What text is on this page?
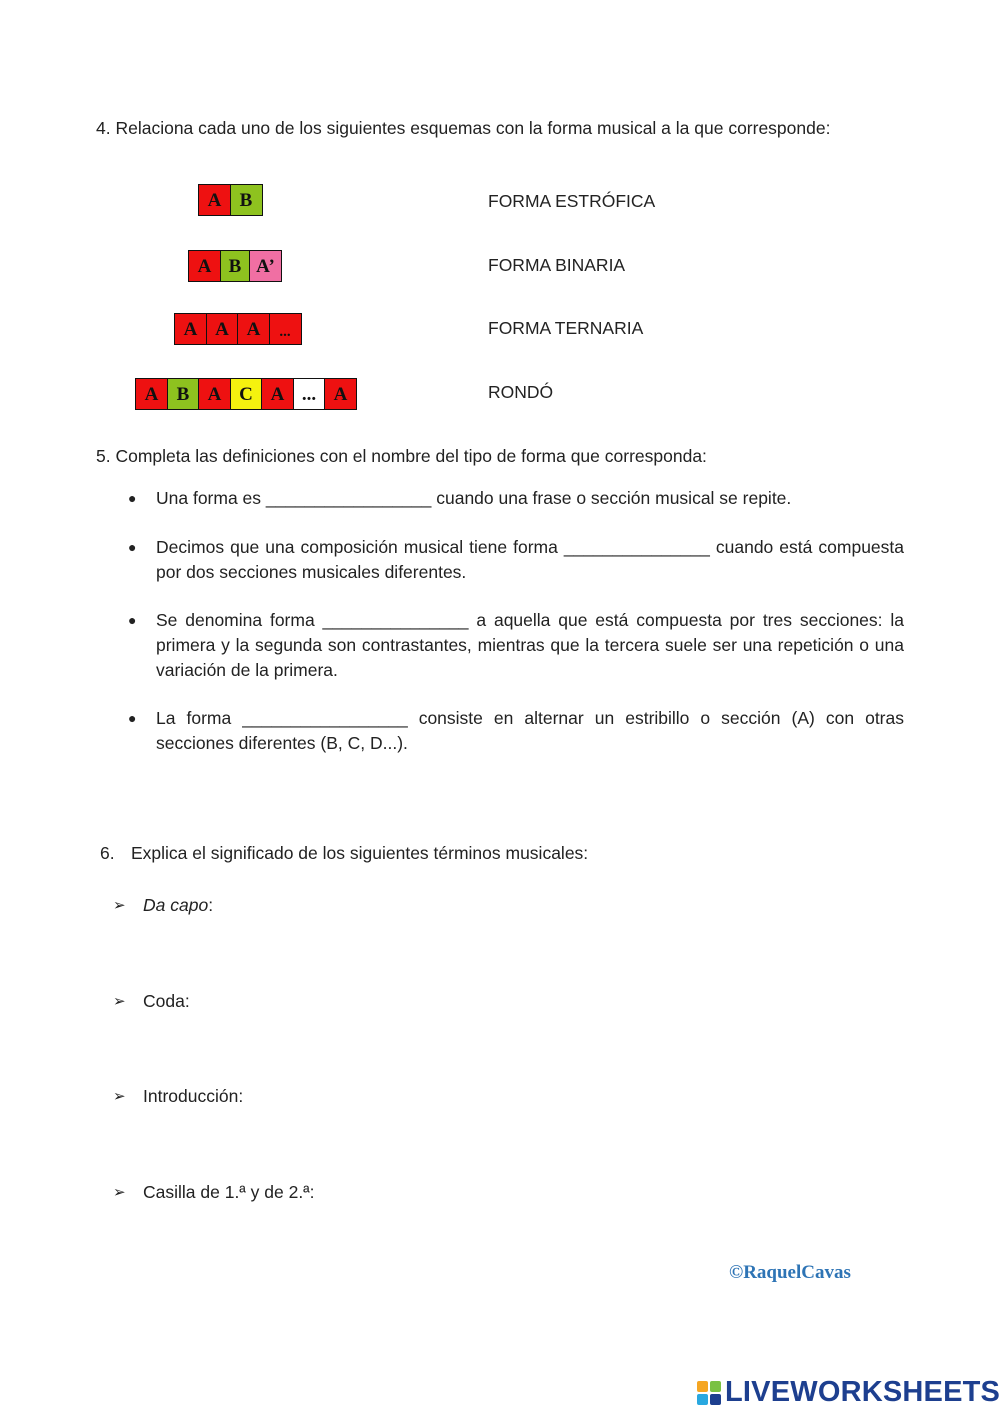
4. Relaciona cada uno de los siguientes esquemas con la forma musical a la que corresponde:
A B
A B A’
A A A	...
A B A C A ... A
FORMA ESTRÓFICA
FORMA BINARIA
FORMA TERNARIA
RONDÓ
5. Completa las definiciones con el nombre del tipo de forma que corresponda:
● Una forma es _________________ cuando una frase o sección musical se repite.
● Decimos que una composición musical tiene forma _______________ cuando está compuesta por dos secciones musicales diferentes.
● Se denomina forma _______________ a aquella que está compuesta por tres secciones: la primera y la segunda son contrastantes, mientras que la tercera suele ser una repetición o una variación de la primera.
● La forma _________________ consiste en alternar un estribillo o sección (A) con otras secciones diferentes (B, C, D...).
6. Explica el significado de los siguientes términos musicales:
➢ Da capo:
➢ Coda:
➢ Introducción:
➢ Casilla de 1.ª y de 2.ª:
©RaquelCavas
LIVEWORKSHEETS
